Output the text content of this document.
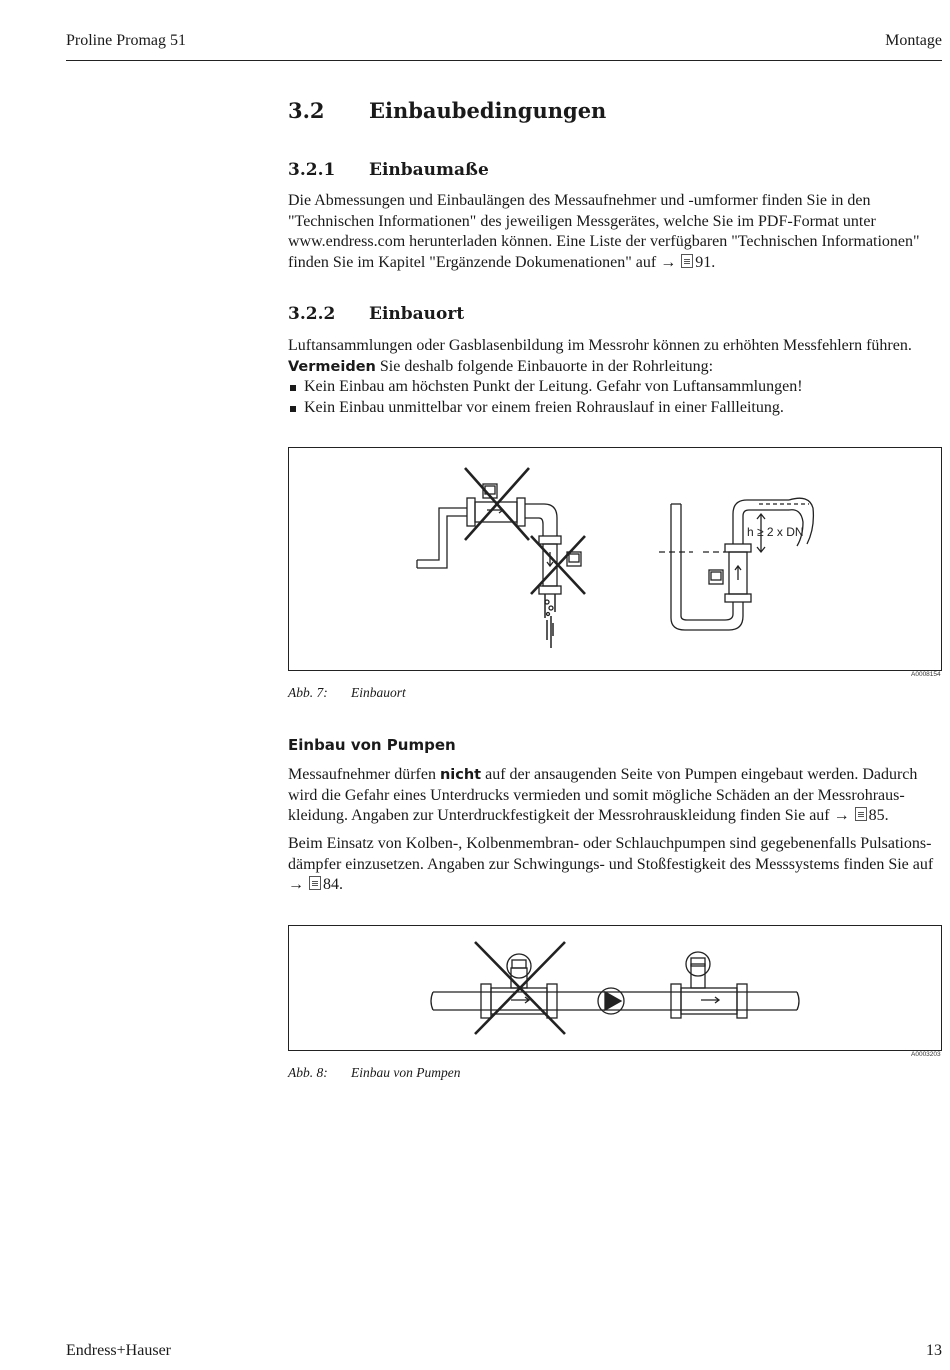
Proline Promag 51	Montage
3.2 Einbaubedingungen
3.2.1 Einbaumaße
Die Abmessungen und Einbaulängen des Messaufnehmer und -umformer finden Sie in den
"Technischen Informationen" des jeweiligen Messgerätes, welche Sie im PDF-Format unter
www.endress.com herunterladen können. Eine Liste der verfügbaren "Technischen Informationen"
finden Sie im Kapitel "Ergänzende Dokumenationen" auf → 91.
3.2.2 Einbauort
Luftansammlungen oder Gasblasenbildung im Messrohr können zu erhöhten Messfehlern führen.
Vermeiden Sie deshalb folgende Einbauorte in der Rohrleitung:
Kein Einbau am höchsten Punkt der Leitung. Gefahr von Luftansammlungen!
Kein Einbau unmittelbar vor einem freien Rohrauslauf in einer Fallleitung.
h ≥ 2 x DN
A0008154
Abb. 7: Einbauort
Einbau von Pumpen
Messaufnehmer dürfen nicht auf der ansaugenden Seite von Pumpen eingebaut werden. Dadurch
wird die Gefahr eines Unterdrucks vermieden und somit mögliche Schäden an der Messrohraus-
kleidung. Angaben zur Unterdruckfestigkeit der Messrohrauskleidung finden Sie auf → 85.
Beim Einsatz von Kolben-, Kolbenmembran- oder Schlauchpumpen sind gegebenenfalls Pulsations-
dämpfer einzusetzen. Angaben zur Schwingungs- und Stoßfestigkeit des Messsystems finden Sie auf
→ 84.
A0003203
Abb. 8: Einbau von Pumpen
Endress+Hauser	13
